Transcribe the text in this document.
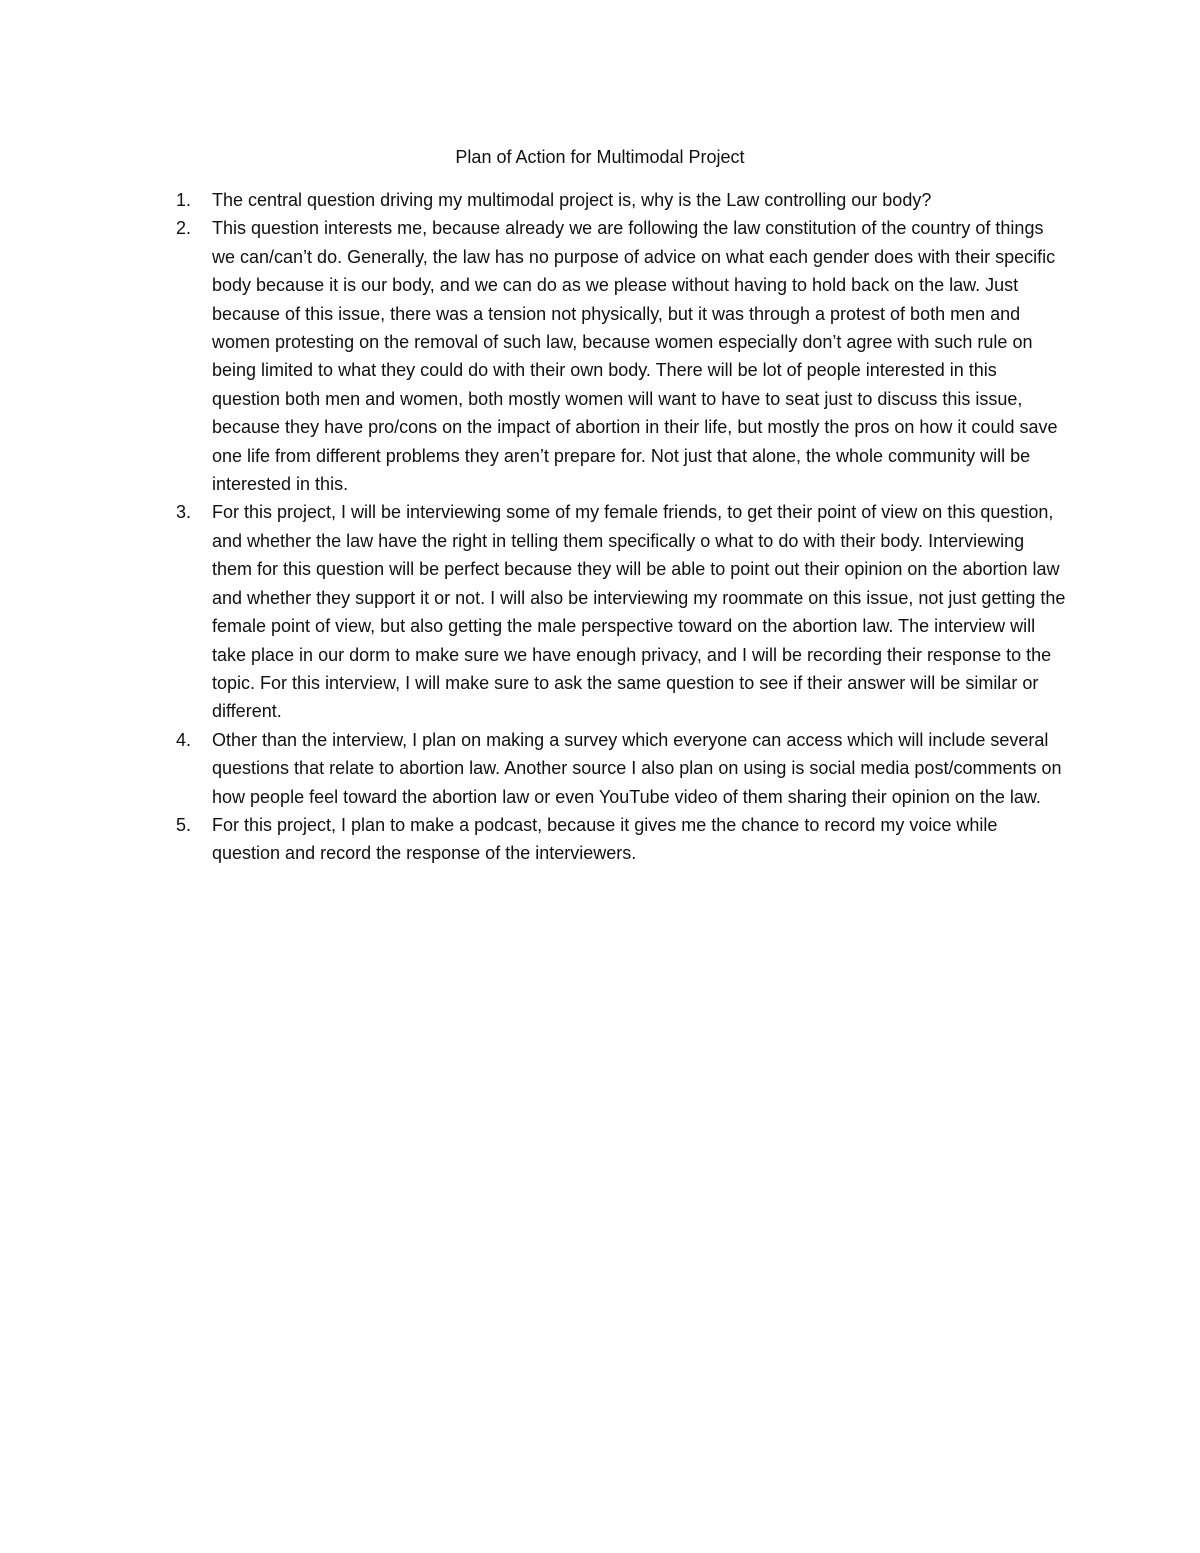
Plan of Action for Multimodal Project
1.	The central question driving my multimodal project is, why is the Law controlling our body?
2.	This question interests me, because already we are following the law constitution of the country of things we can/can’t do. Generally, the law has no purpose of advice on what each gender does with their specific body because it is our body, and we can do as we please without having to hold back on the law. Just because of this issue, there was a tension not physically, but it was through a protest of both men and women protesting on the removal of such law, because women especially don’t agree with such rule on being limited to what they could do with their own body. There will be lot of people interested in this question both men and women, both mostly women will want to have to seat just to discuss this issue, because they have pro/cons on the impact of abortion in their life, but mostly the pros on how it could save one life from different problems they aren’t prepare for. Not just that alone, the whole community will be interested in this.
3.	For this project, I will be interviewing some of my female friends, to get their point of view on this question, and whether the law have the right in telling them specifically o what to do with their body. Interviewing them for this question will be perfect because they will be able to point out their opinion on the abortion law and whether they support it or not. I will also be interviewing my roommate on this issue, not just getting the female point of view, but also getting the male perspective toward on the abortion law. The interview will take place in our dorm to make sure we have enough privacy, and I will be recording their response to the topic. For this interview, I will make sure to ask the same question to see if their answer will be similar or different.
4.	Other than the interview, I plan on making a survey which everyone can access which will include several questions that relate to abortion law. Another source I also plan on using is social media post/comments on how people feel toward the abortion law or even YouTube video of them sharing their opinion on the law.
5.	For this project, I plan to make a podcast, because it gives me the chance to record my voice while question and record the response of the interviewers.
